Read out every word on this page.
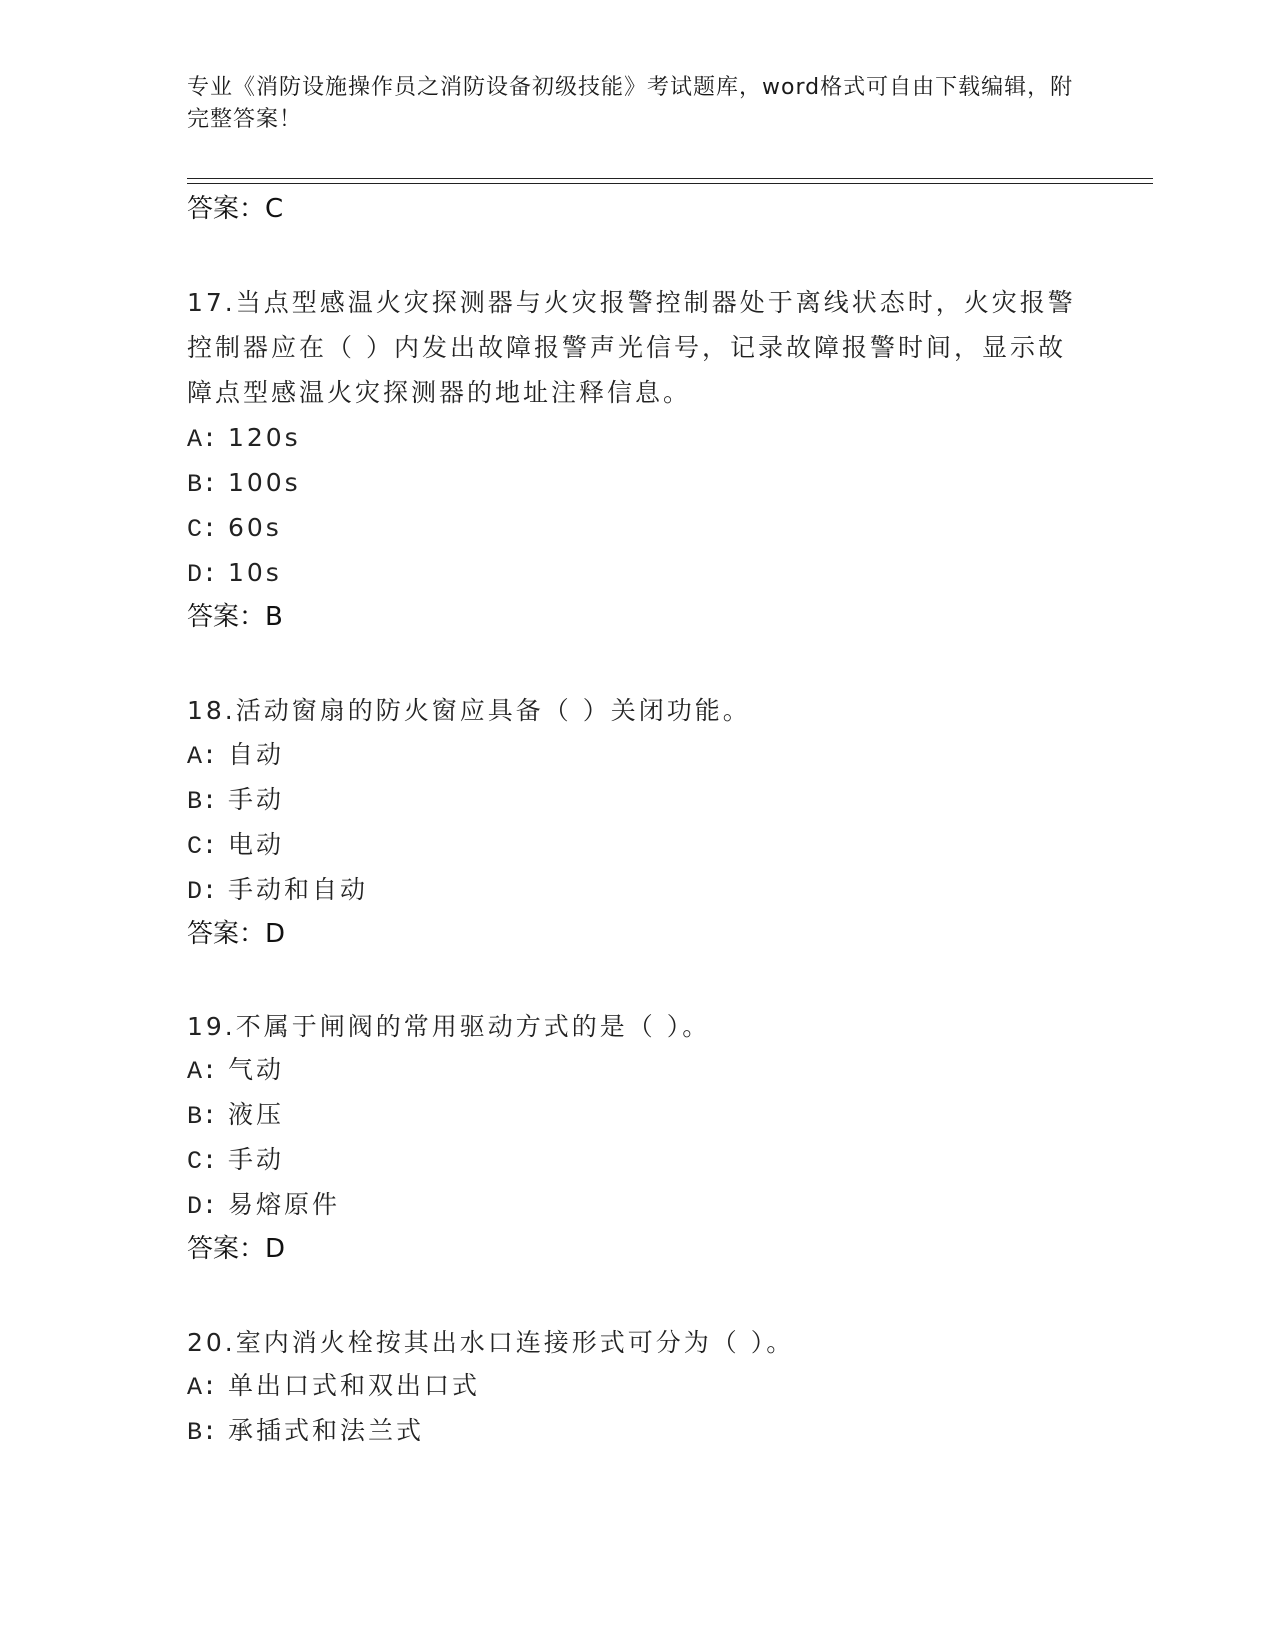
专业《消防设施操作员之消防设备初级技能》考试题库，word格式可自由下载编辑，附完整答案！
答案：C
17.当点型感温火灾探测器与火灾报警控制器处于离线状态时，火灾报警控制器应在（ ）内发出故障报警声光信号，记录故障报警时间，显示故障点型感温火灾探测器的地址注释信息。
A: 120s
B: 100s
C: 60s
D: 10s
答案：B
18.活动窗扇的防火窗应具备（ ）关闭功能。
A: 自动
B: 手动
C: 电动
D: 手动和自动
答案：D
19.不属于闸阀的常用驱动方式的是（ ）。
A: 气动
B: 液压
C: 手动
D: 易熔原件
答案：D
20.室内消火栓按其出水口连接形式可分为（ ）。
A: 单出口式和双出口式
B: 承插式和法兰式
